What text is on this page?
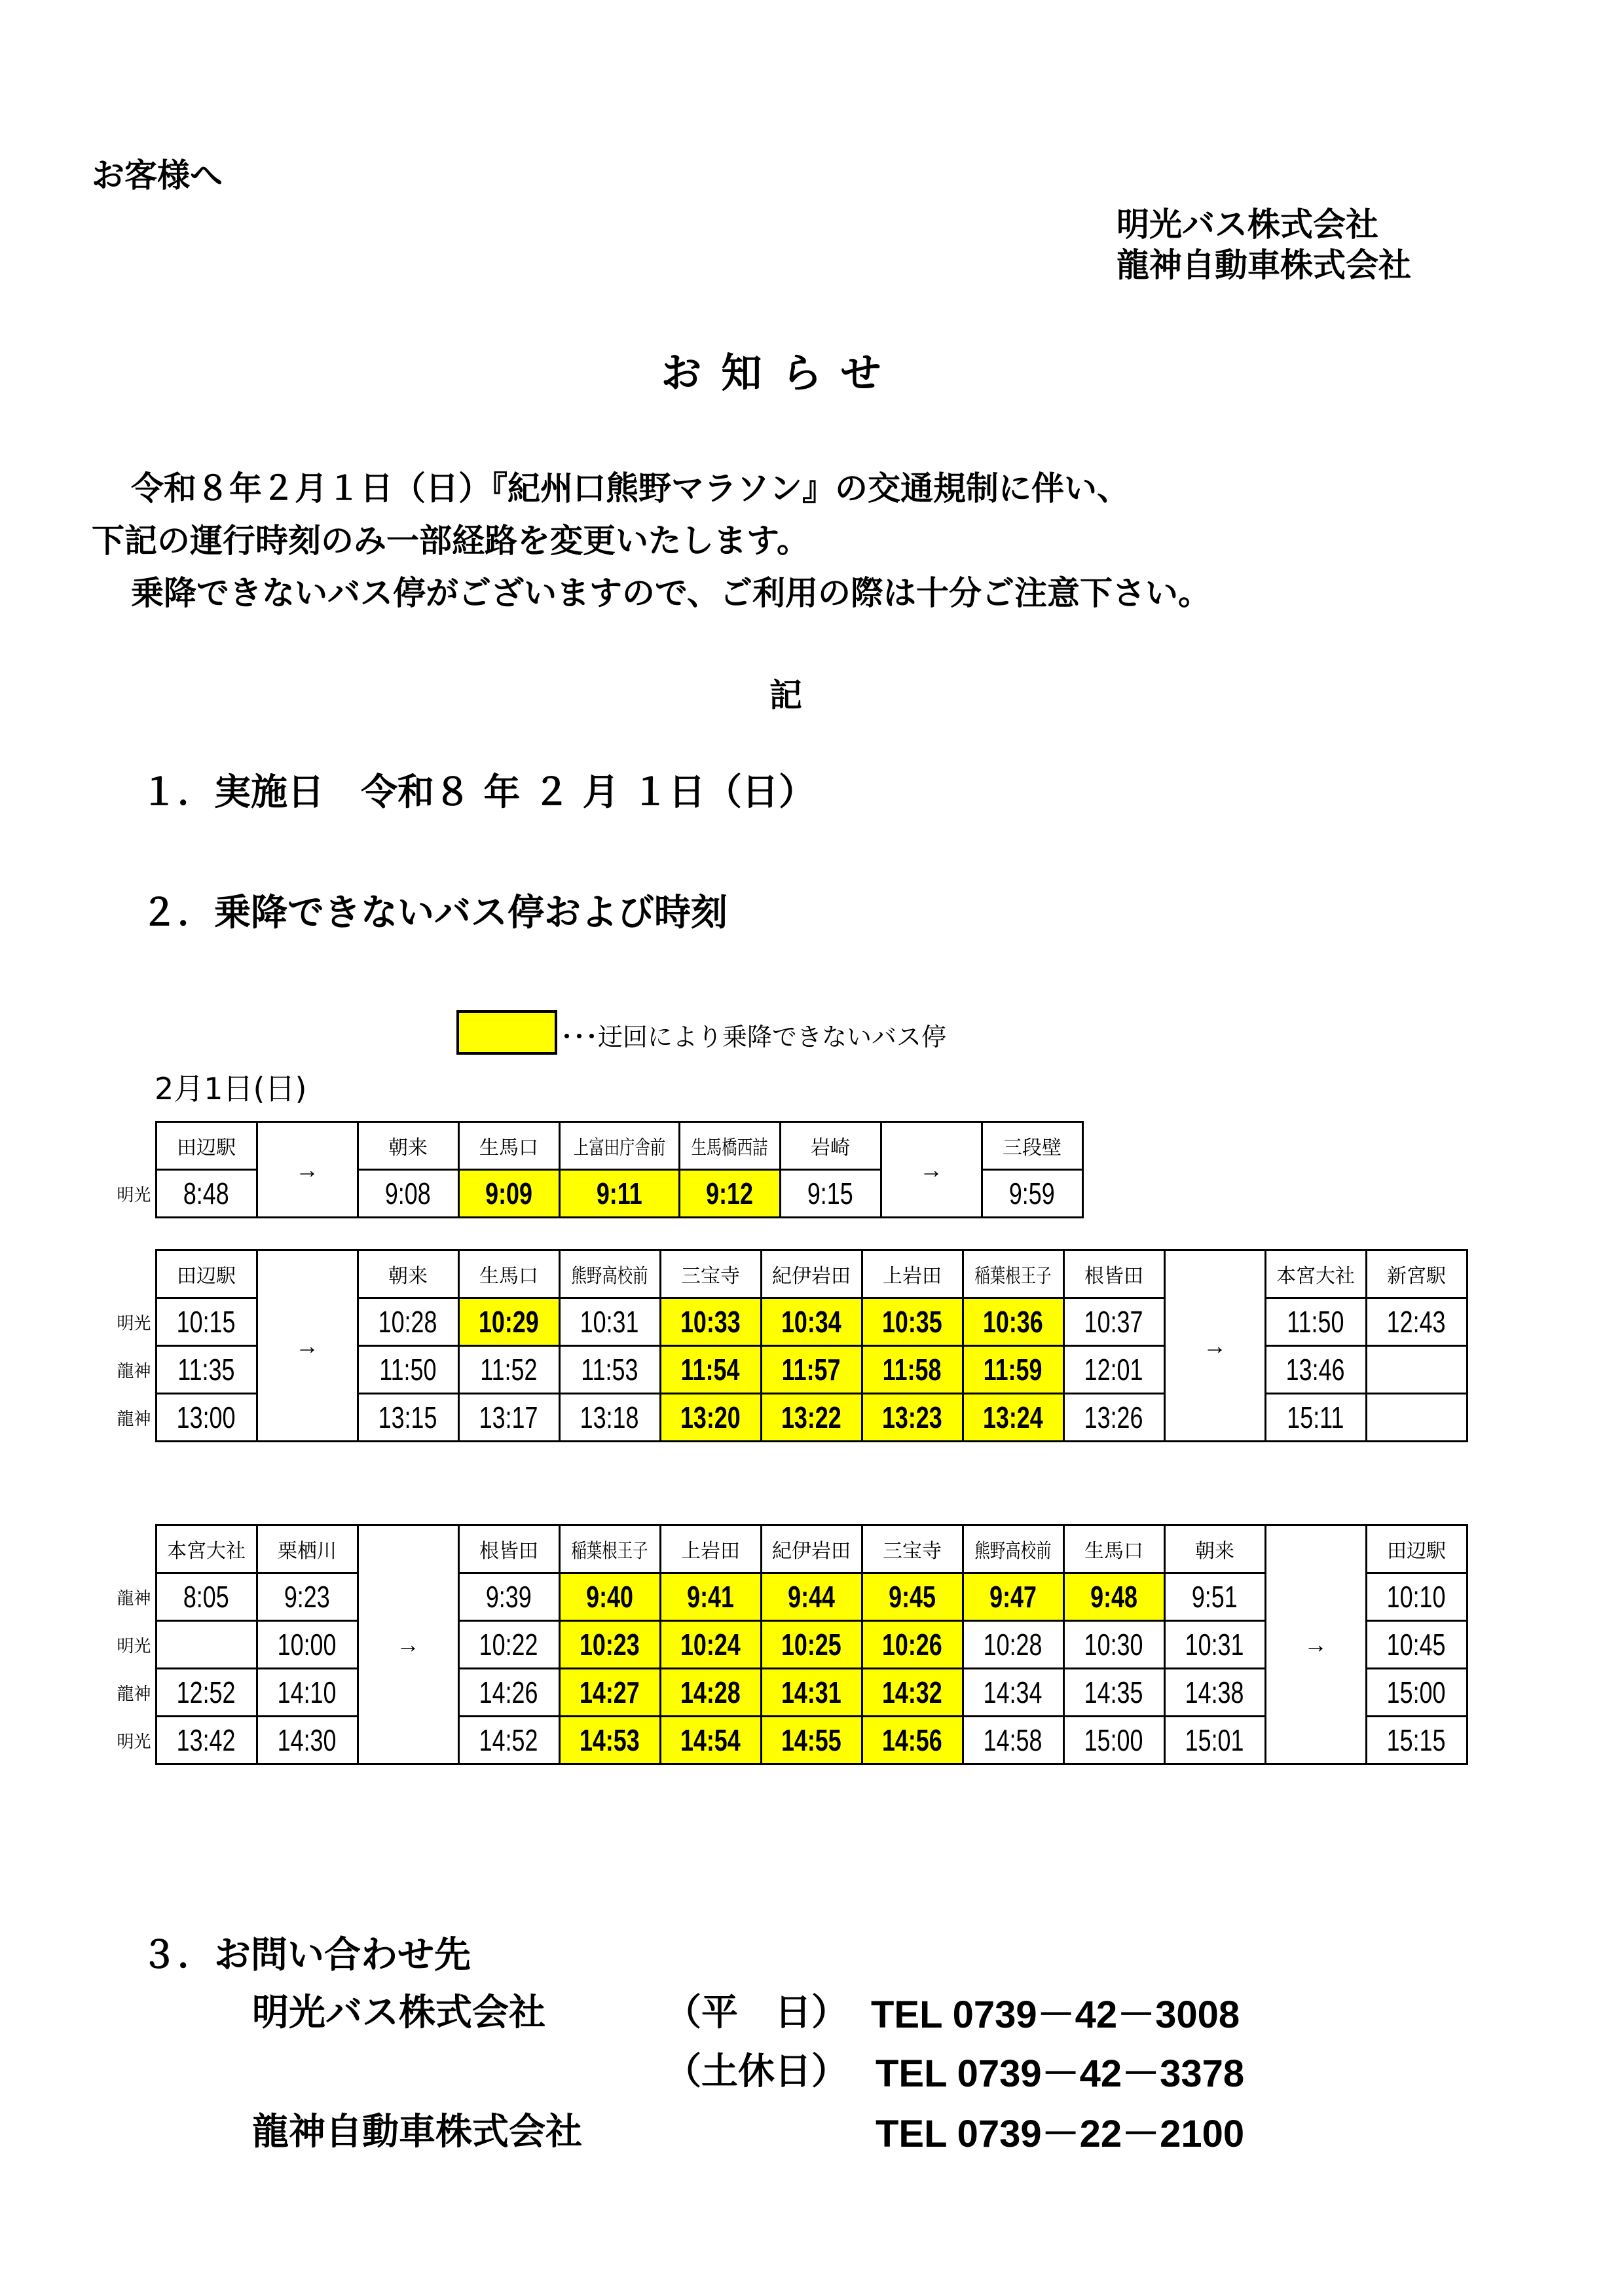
お客様へ
明光バス株式会社
龍神自動車株式会社
お知らせ
令和８年２月１日（日）『紀州口熊野マラソン』の交通規制に伴い、
下記の運行時刻のみ一部経路を変更いたします。
乗降できないバス停がございますので、ご利用の際は十分ご注意下さい。
記
１．実施日　令和８ 年 ２ 月 １日（日）
２．乗降できないバス停および時刻
･･･迂回により乗降できないバス停
2月1日(日)
	田辺駅	→	朝来	生馬口	上富田庁舎前	生馬橋西詰	岩崎	→	三段壁
明光	8:48		9:08	9:09	9:11	9:12	9:15		9:59
	田辺駅	→	朝来	生馬口	熊野高校前	三宝寺	紀伊岩田	上岩田	稲葉根王子	根皆田	→	本宮大社	新宮駅
明光	10:15		10:28	10:29	10:31	10:33	10:34	10:35	10:36	10:37		11:50	12:43
龍神	11:35		11:50	11:52	11:53	11:54	11:57	11:58	11:59	12:01		13:46	
龍神	13:00		13:15	13:17	13:18	13:20	13:22	13:23	13:24	13:26		15:11	
	本宮大社	栗栖川	→	根皆田	稲葉根王子	上岩田	紀伊岩田	三宝寺	熊野高校前	生馬口	朝来	→	田辺駅
龍神	8:05	9:23		9:39	9:40	9:41	9:44	9:45	9:47	9:48	9:51		10:10
明光		10:00		10:22	10:23	10:24	10:25	10:26	10:28	10:30	10:31		10:45
龍神	12:52	14:10		14:26	14:27	14:28	14:31	14:32	14:34	14:35	14:38		15:00
明光	13:42	14:30		14:52	14:53	14:54	14:55	14:56	14:58	15:00	15:01		15:15
３．お問い合わせ先
明光バス株式会社	（平　日） TEL 0739－42－3008
（土休日） TEL 0739－42－3378
龍神自動車株式会社	TEL 0739－22－2100
